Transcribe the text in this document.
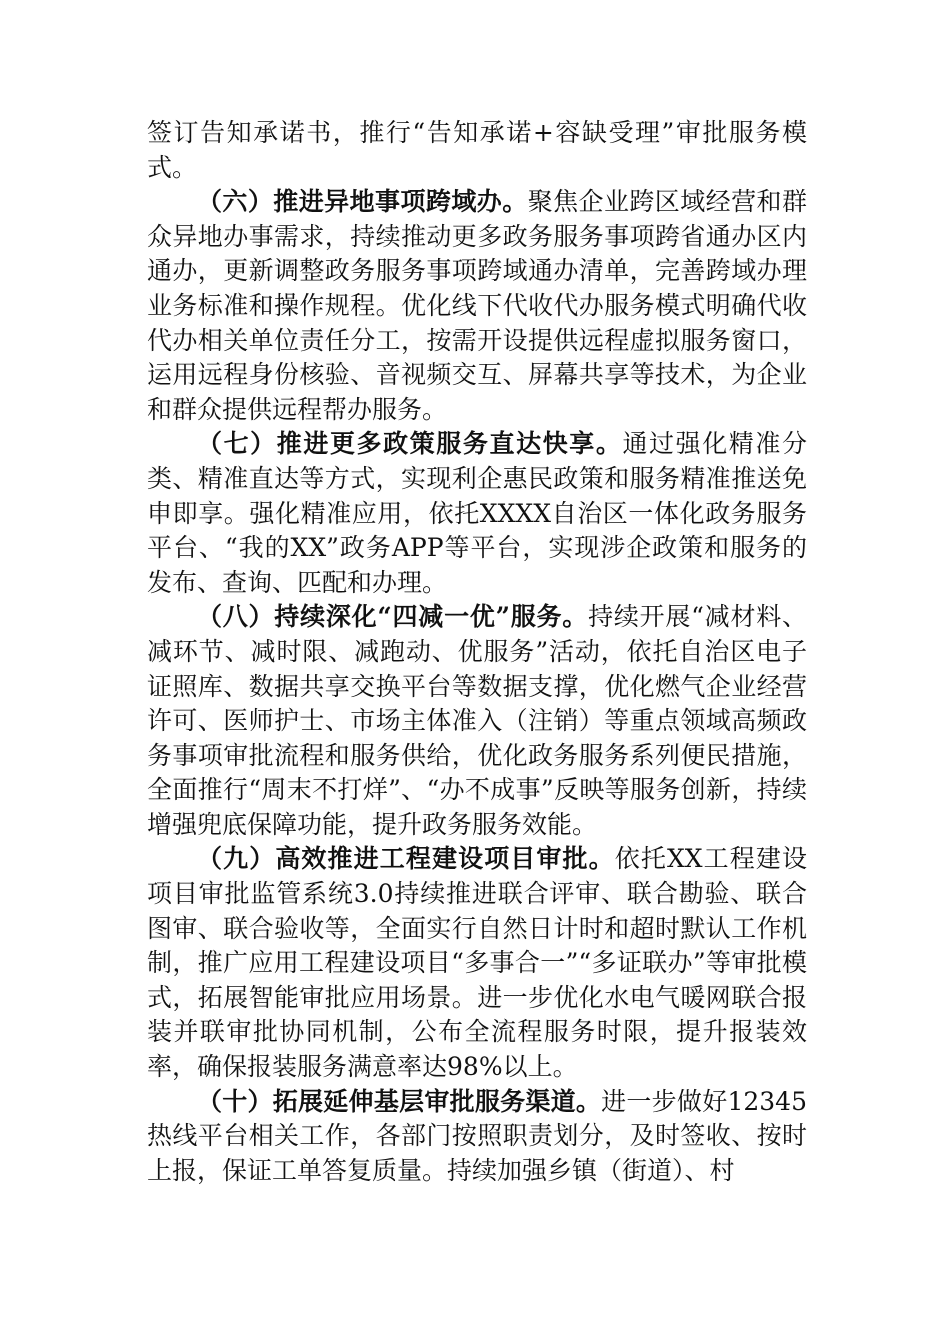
签订告知承诺书，推行“告知承诺+容缺受理”审批服务模式。

（六）推进异地事项跨域办。聚焦企业跨区域经营和群众异地办事需求，持续推动更多政务服务事项跨省通办区内通办，更新调整政务服务事项跨域通办清单，完善跨域办理业务标准和操作规程。优化线下代收代办服务模式明确代收代办相关单位责任分工，按需开设提供远程虚拟服务窗口，运用远程身份核验、音视频交互、屏幕共享等技术，为企业和群众提供远程帮办服务。

（七）推进更多政策服务直达快享。通过强化精准分类、精准直达等方式，实现利企惠民政策和服务精准推送免申即享。强化精准应用，依托XXXX自治区一体化政务服务平台、“我的XX”政务APP等平台，实现涉企政策和服务的发布、查询、匹配和办理。

（八）持续深化“四减一优”服务。持续开展“减材料、减环节、减时限、减跑动、优服务”活动，依托自治区电子证照库、数据共享交换平台等数据支撑，优化燃气企业经营许可、医师护士、市场主体准入（注销）等重点领域高频政务事项审批流程和服务供给，优化政务服务系列便民措施，全面推行“周末不打烊”、“办不成事”反映等服务创新，持续增强兜底保障功能，提升政务服务效能。

（九）高效推进工程建设项目审批。依托XX工程建设项目审批监管系统3.0持续推进联合评审、联合勘验、联合图审、联合验收等，全面实行自然日计时和超时默认工作机制，推广应用工程建设项目“多事合一”“多证联办”等审批模式，拓展智能审批应用场景。进一步优化水电气暖网联合报装并联审批协同机制，公布全流程服务时限，提升报装效率，确保报装服务满意率达98%以上。

（十）拓展延伸基层审批服务渠道。进一步做好12345热线平台相关工作，各部门按照职责划分，及时签收、按时上报，保证工单答复质量。持续加强乡镇（街道）、村
